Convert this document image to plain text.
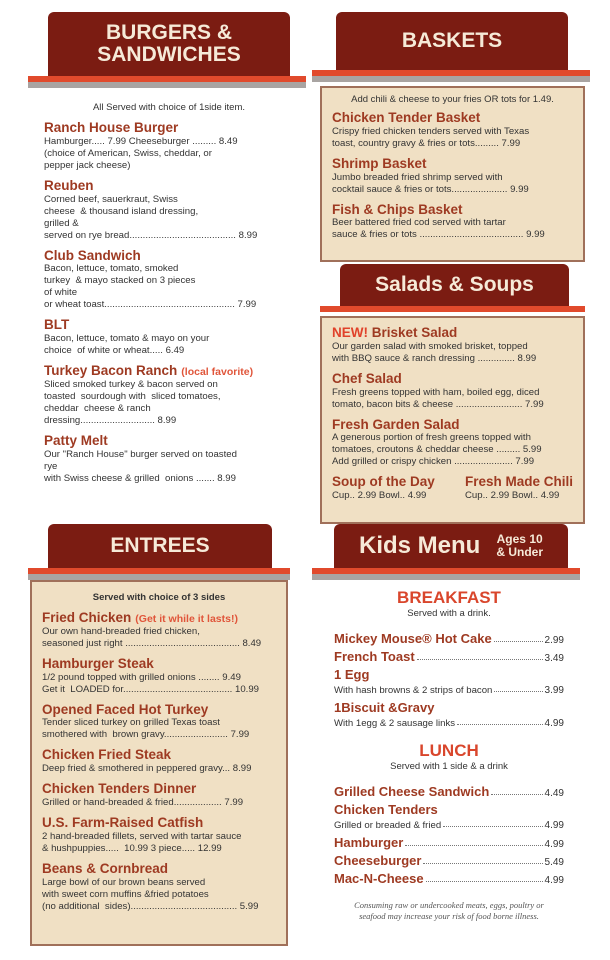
BURGERS &
SANDWICHES
All Served with choice of 1side item.
Ranch House Burger
Hamburger..... 7.99 Cheeseburger ......... 8.49
(choice of American, Swiss, cheddar, or
pepper jack cheese)
Reuben
Corned beef, sauerkraut, Swiss
cheese  & thousand island dressing,
grilled &
served on rye bread........................................ 8.99
Club Sandwich
Bacon, lettuce, tomato, smoked
turkey  & mayo stacked on 3 pieces
of white
or wheat toast................................................. 7.99
BLT
Bacon, lettuce, tomato & mayo on your
choice  of white or wheat..... 6.49
Turkey Bacon Ranch (local favorite)
Sliced smoked turkey & bacon served on
toasted  sourdough with  sliced tomatoes,
cheddar  cheese & ranch
dressing............................ 8.99
Patty Melt
Our "Ranch House" burger served on toasted
rye
with Swiss cheese & grilled  onions ....... 8.99
BASKETS
Add chili & cheese to your fries OR tots for 1.49.
Chicken Tender Basket
Crispy fried chicken tenders served with Texas
toast, country gravy & fries or tots......... 7.99
Shrimp Basket
Jumbo breaded fried shrimp served with
cocktail sauce & fries or tots..................... 9.99
Fish & Chips Basket
Beer battered fried cod served with tartar
sauce & fries or tots ....................................... 9.99
Salads & Soups
NEW! Brisket Salad
Our garden salad with smoked brisket, topped
with BBQ sauce & ranch dressing .............. 8.99
Chef Salad
Fresh greens topped with ham, boiled egg, diced
tomato, bacon bits & cheese ......................... 7.99
Fresh Garden Salad
A generous portion of fresh greens topped with
tomatoes, croutons & cheddar cheese ......... 5.99
Add grilled or crispy chicken ...................... 7.99
Soup of the Day
Cup.. 2.99 Bowl.. 4.99
Fresh Made Chili
Cup.. 2.99 Bowl.. 4.99
ENTREES
Served with choice of 3 sides
Fried Chicken (Get it while it lasts!)
Our own hand-breaded fried chicken,
seasoned just right ........................................... 8.49
Hamburger Steak
1/2 pound topped with grilled onions ........ 9.49
Get it  LOADED for......................................... 10.99
Opened Faced Hot Turkey
Tender sliced turkey on grilled Texas toast
smothered with  brown gravy........................ 7.99
Chicken Fried Steak
Deep fried & smothered in peppered gravy... 8.99
Chicken Tenders Dinner
Grilled or hand-breaded & fried.................. 7.99
U.S. Farm-Raised Catfish
2 hand-breaded fillets, served with tartar sauce
& hushpuppies.....  10.99 3 piece..... 12.99
Beans & Cornbread
Large bowl of our brown beans served
with sweet corn muffins &fried potatoes
(no additional  sides)........................................ 5.99
Kids Menu Ages 10
& Under
BREAKFAST
Served with a drink.
Mickey Mouse® Hot Cake	2.99
French Toast	3.49
1 Egg
With hash browns & 2 strips of bacon	3.99
1Biscuit &Gravy
With 1egg & 2 sausage links	4.99
LUNCH
Served with 1 side & a drink
Grilled Cheese Sandwich	4.49
Chicken Tenders
Grilled or breaded & fried	4.99
Hamburger	4.99
Cheeseburger	5.49
Mac-N-Cheese	4.99
Consuming raw or undercooked meats, eggs, poultry or
seafood may increase your risk of food borne illness.
